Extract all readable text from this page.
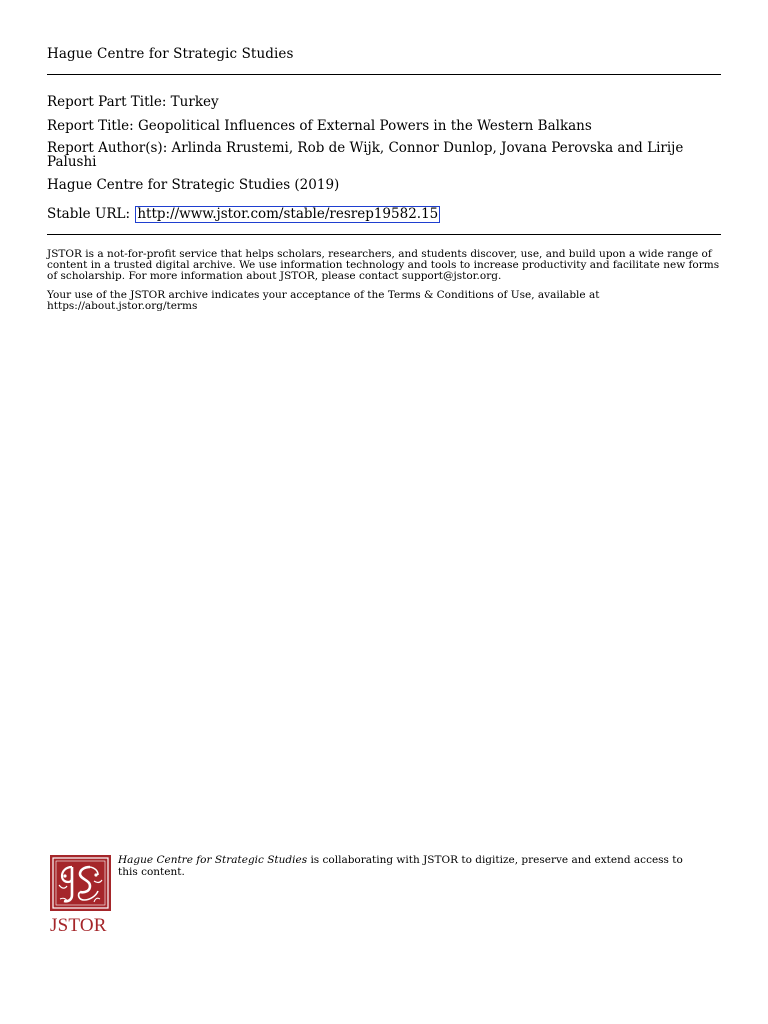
Hague Centre for Strategic Studies
Report Part Title: Turkey
Report Title: Geopolitical Influences of External Powers in the Western Balkans
Report Author(s): Arlinda Rrustemi, Rob de Wijk, Connor Dunlop, Jovana Perovska and Lirije Palushi
Hague Centre for Strategic Studies (2019)
Stable URL: http://www.jstor.com/stable/resrep19582.15
JSTOR is a not-for-profit service that helps scholars, researchers, and students discover, use, and build upon a wide range of content in a trusted digital archive. We use information technology and tools to increase productivity and facilitate new forms of scholarship. For more information about JSTOR, please contact support@jstor.org.
Your use of the JSTOR archive indicates your acceptance of the Terms & Conditions of Use, available at https://about.jstor.org/terms
JSTOR
Hague Centre for Strategic Studies is collaborating with JSTOR to digitize, preserve and extend access to this content.
